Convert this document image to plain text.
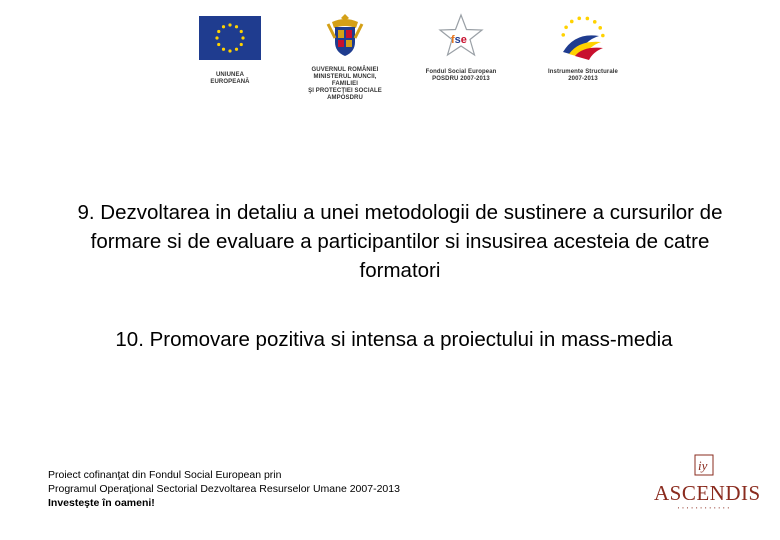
UNIUNEA EUROPEANĂ
GUVERNUL ROMÂNIEI
MINISTERUL MUNCII, FAMILIEI
ŞI PROTECŢIEI SOCIALE
AMPOSDRU
fse
Fondul Social European
POSDRU 2007-2013
Instrumente Structurale
2007-2013
9. Dezvoltarea in detaliu a unei metodologii de sustinere a cursurilor de formare si de evaluare a participantilor si insusirea acesteia de catre formatori
10. Promovare pozitiva si intensa a proiectului in mass-media
Proiect cofinanţat din Fondul Social European prin
Programul Operaţional Sectorial Dezvoltarea Resurselor Umane 2007-2013
Investeşte în oameni!
iy
ASCENDIS
▪ ▪ ▪ ▪ ▪ ▪ ▪ ▪ ▪ ▪ ▪ ▪
